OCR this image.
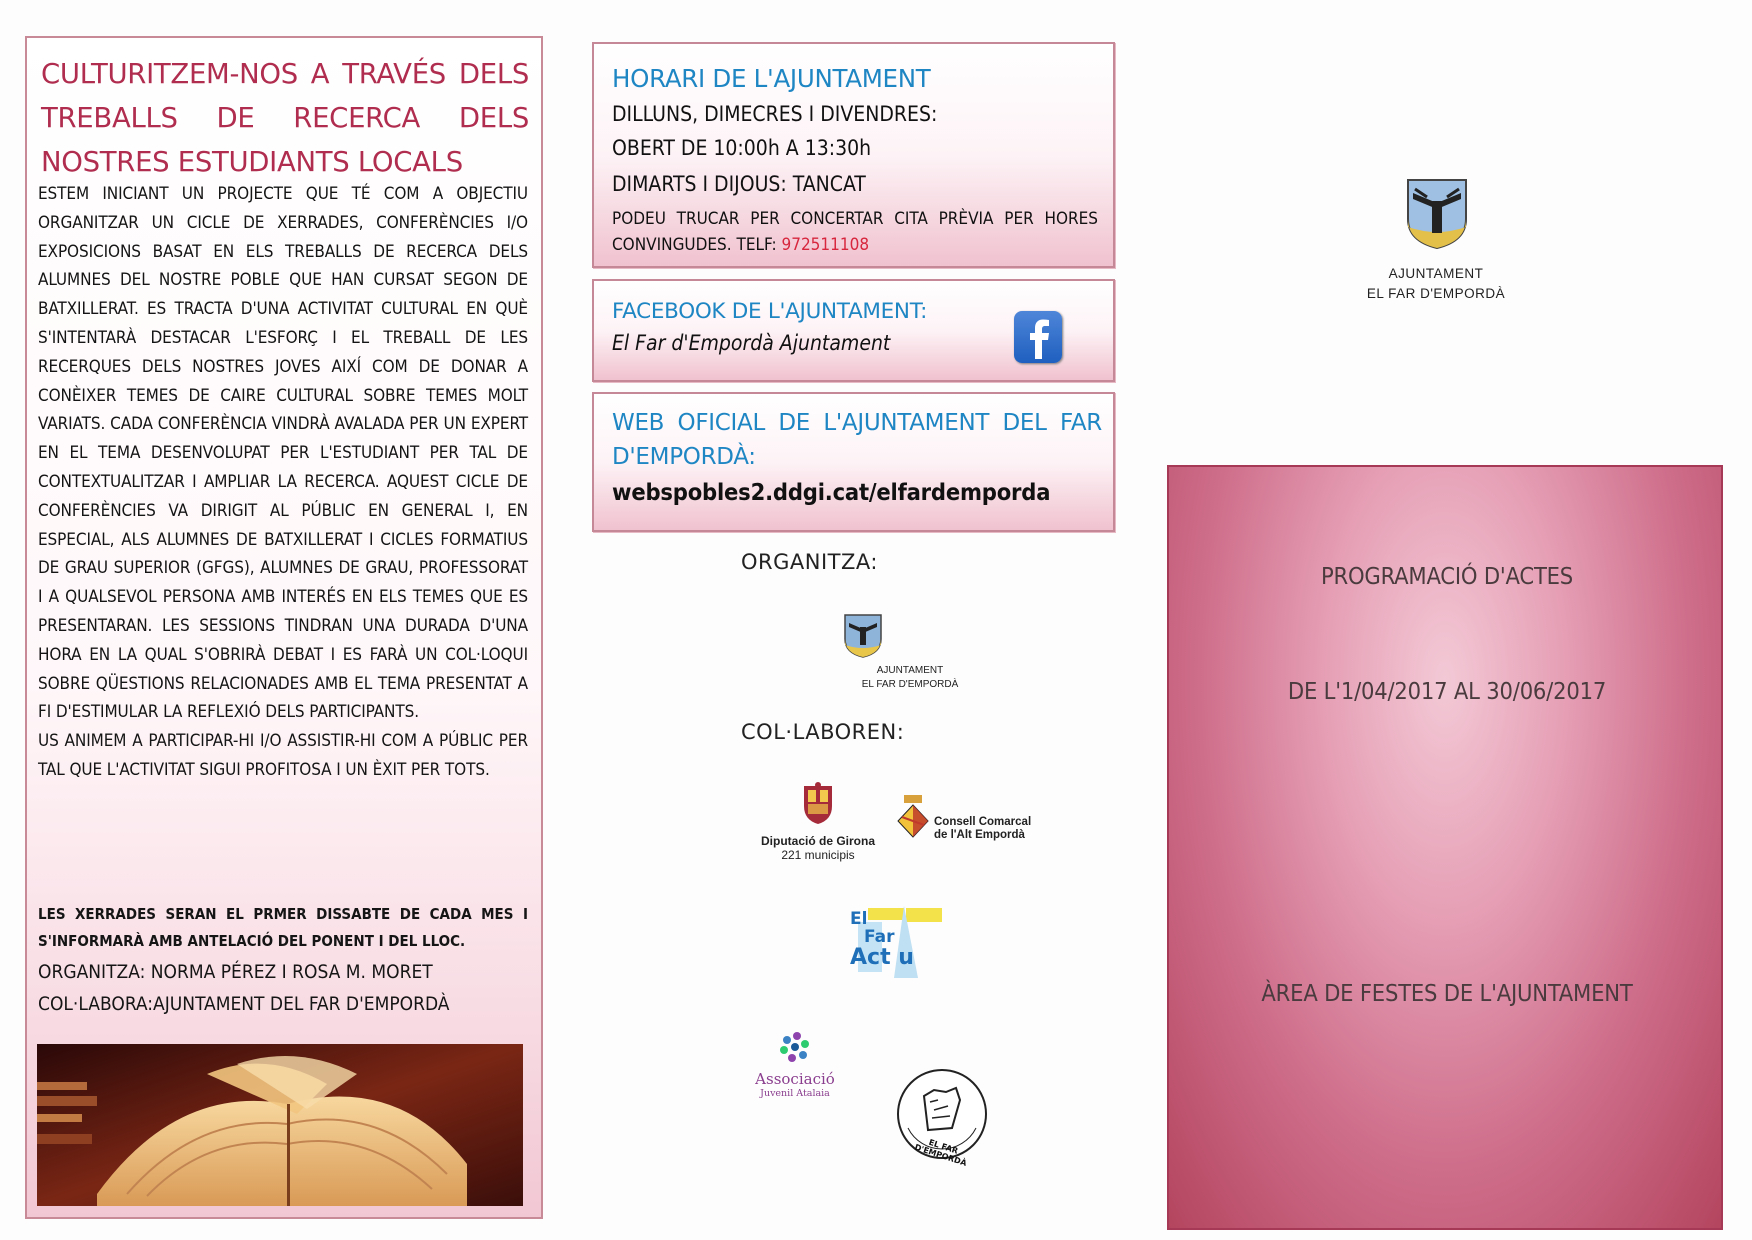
CULTURITZEM-NOS A TRAVÉS DELS TREBALLS DE RECERCA DELS NOSTRES ESTUDIANTS LOCALS

ESTEM INICIANT UN PROJECTE QUE TÉ COM A OBJECTIU ORGANITZAR UN CICLE DE XERRADES, CONFERÈNCIES I/O EXPOSICIONS BASAT EN ELS TREBALLS DE RECERCA DELS ALUMNES DEL NOSTRE POBLE QUE HAN CURSAT SEGON DE BATXILLERAT. ES TRACTA D'UNA ACTIVITAT CULTURAL EN QUÈ S'INTENTARÀ DESTACAR L'ESFORÇ I EL TREBALL DE LES RECERQUES DELS NOSTRES JOVES AIXÍ COM DE DONAR A CONÈIXER TEMES DE CAIRE CULTURAL SOBRE TEMES MOLT VARIATS. CADA CONFERÈNCIA VINDRÀ AVALADA PER UN EXPERT EN EL TEMA DESENVOLUPAT PER L'ESTUDIANT PER TAL DE CONTEXTUALITZAR I AMPLIAR LA RECERCA. AQUEST CICLE DE CONFERÈNCIES VA DIRIGIT AL PÚBLIC EN GENERAL I, EN ESPECIAL, ALS ALUMNES DE BATXILLERAT I CICLES FORMATIUS DE GRAU SUPERIOR (GFGS), ALUMNES DE GRAU, PROFESSORAT I A QUALSEVOL PERSONA AMB INTERÉS EN ELS TEMES QUE ES PRESENTARAN. LES SESSIONS TINDRAN UNA DURADA D'UNA HORA EN LA QUAL S'OBRIRÀ DEBAT I ES FARÀ UN COL·LOQUI SOBRE QÜESTIONS RELACIONADES AMB EL TEMA PRESENTAT A FI D'ESTIMULAR LA REFLEXIÓ DELS PARTICIPANTS.

US ANIMEM A PARTICIPAR-HI I/O ASSISTIR-HI COM A PÚBLIC PER TAL QUE L'ACTIVITAT SIGUI PROFITOSA I UN ÈXIT PER TOTS.

LES XERRADES SERAN EL PRMER DISSABTE DE CADA MES I S'INFORMARÀ AMB ANTELACIÓ DEL PONENT I DEL LLOC.
ORGANITZA: NORMA PÉREZ I ROSA M. MORET
COL·LABORA:AJUNTAMENT DEL FAR D'EMPORDÀ
HORARI DE L'AJUNTAMENT
DILLUNS, DIMECRES I DIVENDRES:
OBERT DE 10:00h A 13:30h
DIMARTS I DIJOUS: TANCAT
PODEU TRUCAR PER CONCERTAR CITA PRÈVIA PER HORES CONVINGUDES. TELF: 972511108
FACEBOOK DE L'AJUNTAMENT:
El Far d'Empordà Ajuntament
WEB OFICIAL DE L'AJUNTAMENT DEL FAR D'EMPORDÀ:
webspobles2.ddgi.cat/elfardemporda
ORGANITZA:
AJUNTAMENT
EL FAR D'EMPORDÀ
COL·LABOREN:
Diputació de Girona
221 municipis
Consell Comarcal
de l'Alt Empordà
El
Far
Act u
Associació
Juvenil Atalaia
EL FAR D'EMPORDÀ
AJUNTAMENT
EL FAR D'EMPORDÀ
PROGRAMACIÓ D'ACTES
DE L'1/04/2017 AL 30/06/2017
ÀREA DE FESTES DE L'AJUNTAMENT
